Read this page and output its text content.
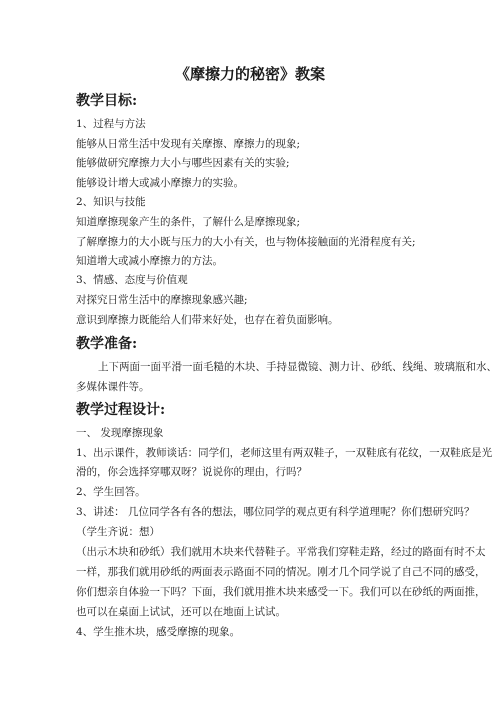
《摩擦力的秘密》教案
教学目标:
1、过程与方法
能够从日常生活中发现有关摩擦、摩擦力的现象;
能够做研究摩擦力大小与哪些因素有关的实验;
能够设计增大或减小摩擦力的实验。
2、知识与技能
知道摩擦现象产生的条件，了解什么是摩擦现象;
了解摩擦力的大小既与压力的大小有关，也与物体接触面的光滑程度有关;
知道增大或减小摩擦力的方法。
3、情感、态度与价值观
对探究日常生活中的摩擦现象感兴趣;
意识到摩擦力既能给人们带来好处，也存在着负面影响。
教学准备:
上下两面一面平滑一面毛糙的木块、手持显微镜、测力计、砂纸、线绳、玻璃瓶和水、
多媒体课件等。
教学过程设计:
一、 发现摩擦现象
1、出示课件，教师谈话：同学们，老师这里有两双鞋子，一双鞋底有花纹，一双鞋底是光
滑的，你会选择穿哪双呀？说说你的理由，行吗？
2、学生回答。
3、讲述： 几位同学各有各的想法，哪位同学的观点更有科学道理呢？你们想研究吗？
（学生齐说：想）
（出示木块和砂纸）我们就用木块来代替鞋子。平常我们穿鞋走路，经过的路面有时不太
一样，那我们就用砂纸的两面表示路面不同的情况。刚才几个同学说了自己不同的感受，
你们想亲自体验一下吗？下面，我们就用推木块来感受一下。我们可以在砂纸的两面推，
也可以在桌面上试试，还可以在地面上试试。
4、学生推木块，感受摩擦的现象。
